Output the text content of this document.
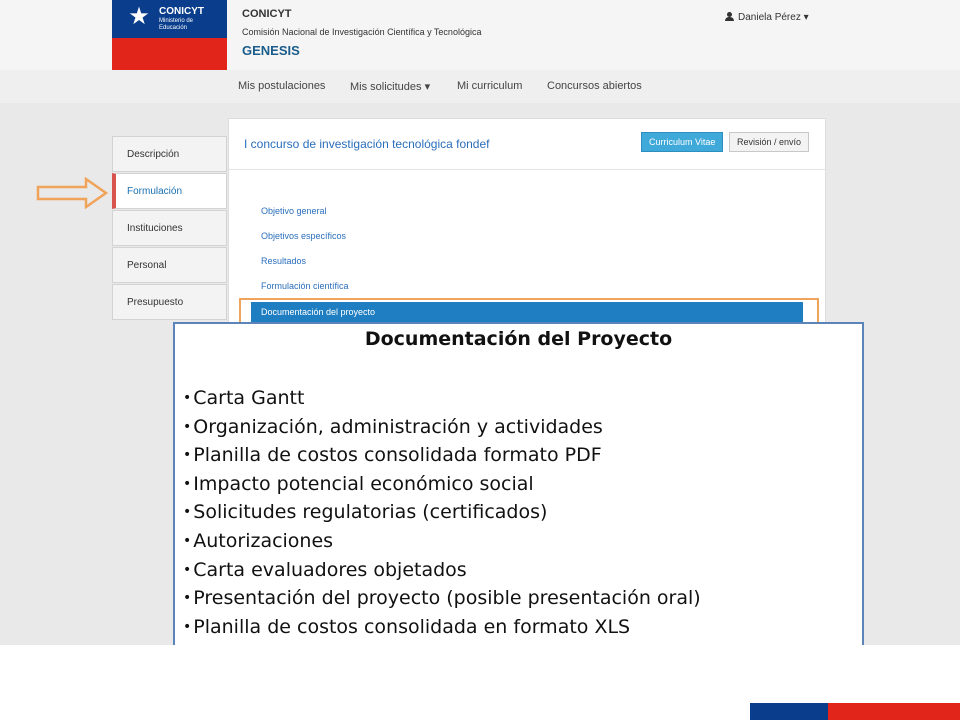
★ CONICYT
Ministerio de Educación
CONICYT
Comisión Nacional de Investigación Científica y Tecnológica
GENESIS
Daniela Pérez ▾
Mis postulaciones Mis solicitudes ▾ Mi curriculum Concursos abiertos
Descripción
Formulación
Instituciones
Personal
Presupuesto
I concurso de investigación tecnológica fondef	Curriculum Vitae	Revisión / envío
Objetivo general
Objetivos específicos
Resultados
Formulación científica
Documentación del proyecto
Documentación del Proyecto
• Carta Gantt
• Organización, administración y actividades
• Planilla de costos consolidada formato PDF
• Impacto potencial económico social
• Solicitudes regulatorias (certificados)
• Autorizaciones
• Carta evaluadores objetados
• Presentación del proyecto (posible presentación oral)
• Planilla de costos consolidada en formato XLS
